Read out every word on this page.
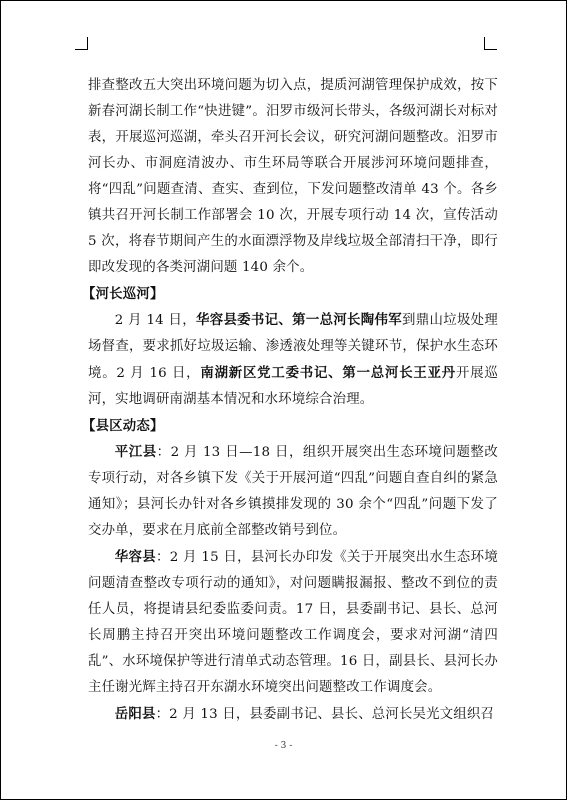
排查整改五大突出环境问题为切入点，提质河湖管理保护成效，按下新春河湖长制工作“快进键”。汨罗市级河长带头，各级河湖长对标对表，开展巡河巡湖，牵头召开河长会议，研究河湖问题整改。汨罗市河长办、市洞庭清波办、市生环局等联合开展涉河环境问题排查，将“四乱”问题查清、查实、查到位，下发问题整改清单 43 个。各乡镇共召开河长制工作部署会 10 次，开展专项行动 14 次，宣传活动 5 次，将春节期间产生的水面漂浮物及岸线垃圾全部清扫干净，即行即改发现的各类河湖问题 140 余个。

【河长巡河】

2 月 14 日，华容县委书记、第一总河长陶伟军到鼎山垃圾处理场督查，要求抓好垃圾运输、渗透液处理等关键环节，保护水生态环境。2 月 16 日，南湖新区党工委书记、第一总河长王亚丹开展巡河，实地调研南湖基本情况和水环境综合治理。

【县区动态】

平江县：2 月 13 日—18 日，组织开展突出生态环境问题整改专项行动，对各乡镇下发《关于开展河道“四乱”问题自查自纠的紧急通知》；县河长办针对各乡镇摸排发现的 30 余个“四乱”问题下发了交办单，要求在月底前全部整改销号到位。

华容县：2 月 15 日，县河长办印发《关于开展突出水生态环境问题清查整改专项行动的通知》，对问题瞒报漏报、整改不到位的责任人员，将提请县纪委监委问责。17 日，县委副书记、县长、总河长周鹏主持召开突出环境问题整改工作调度会，要求对河湖“清四乱”、水环境保护等进行清单式动态管理。16 日，副县长、县河长办主任谢光辉主持召开东湖水环境突出问题整改工作调度会。

岳阳县：2 月 13 日，县委副书记、县长、总河长吴光文组织召

- 3 -
